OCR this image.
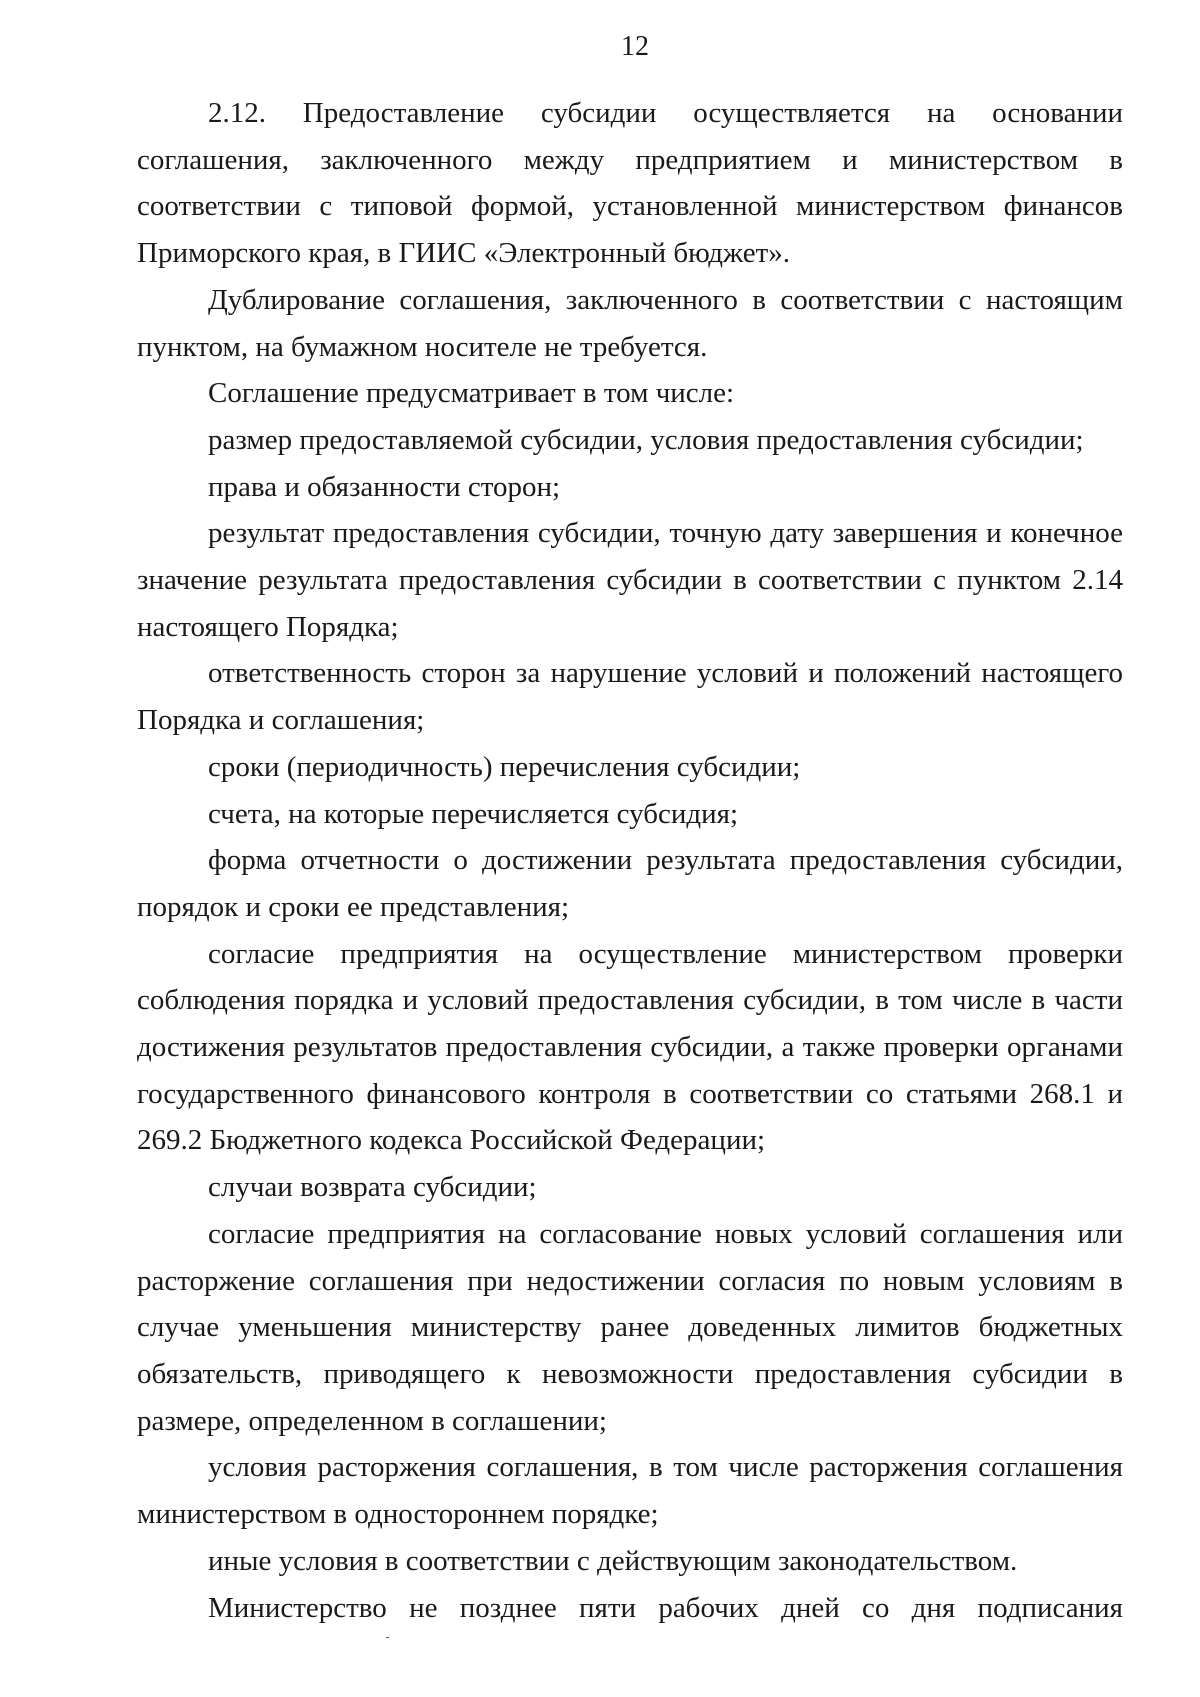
12

2.12. Предоставление субсидии осуществляется на основании соглашения, заключенного между предприятием и министерством в соответствии с типовой формой, установленной министерством финансов Приморского края, в ГИИС «Электронный бюджет».

Дублирование соглашения, заключенного в соответствии с настоящим пунктом, на бумажном носителе не требуется.

Соглашение предусматривает в том числе:

размер предоставляемой субсидии, условия предоставления субсидии;

права и обязанности сторон;

результат предоставления субсидии, точную дату завершения и конечное значение результата предоставления субсидии в соответствии с пунктом 2.14 настоящего Порядка;

ответственность сторон за нарушение условий и положений настоящего Порядка и соглашения;

сроки (периодичность) перечисления субсидии;

счета, на которые перечисляется субсидия;

форма отчетности о достижении результата предоставления субсидии, порядок и сроки ее представления;

согласие предприятия на осуществление министерством проверки соблюдения порядка и условий предоставления субсидии, в том числе в части достижения результатов предоставления субсидии, а также проверки органами государственного финансового контроля в соответствии со статьями 268.1 и 269.2 Бюджетного кодекса Российской Федерации;

случаи возврата субсидии;

согласие предприятия на согласование новых условий соглашения или расторжение соглашения при недостижении согласия по новым условиям в случае уменьшения министерству ранее доведенных лимитов бюджетных обязательств, приводящего к невозможности предоставления субсидии в размере, определенном в соглашении;

условия расторжения соглашения, в том числе расторжения соглашения министерством в одностороннем порядке;

иные условия в соответствии с действующим законодательством.

Министерство не позднее пяти рабочих дней со дня подписания
